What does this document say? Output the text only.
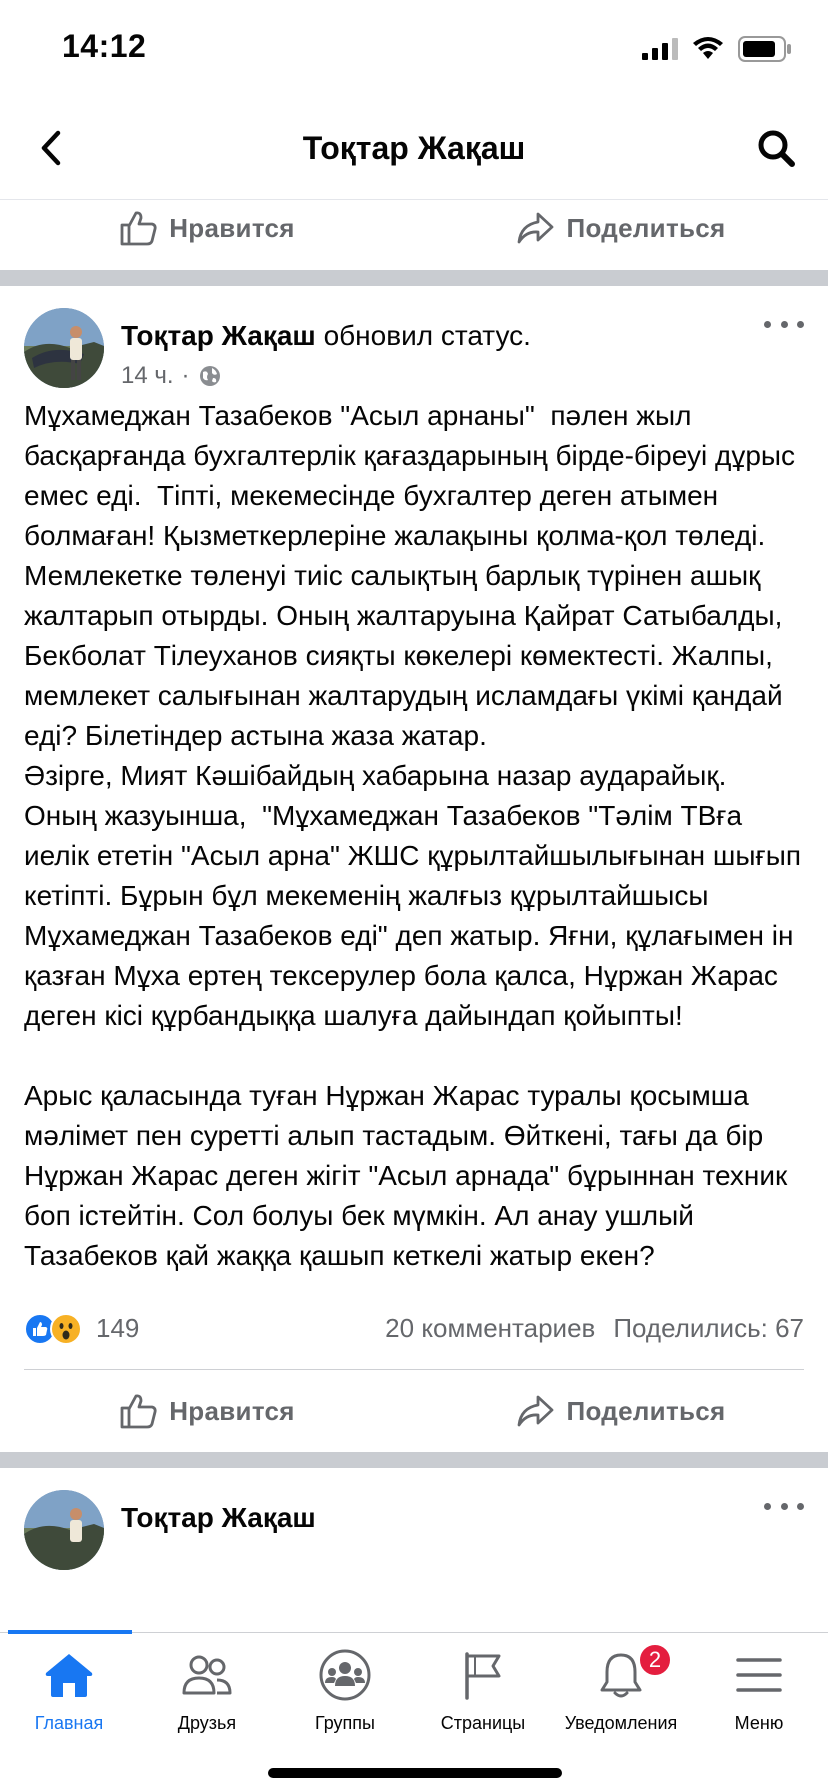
14:12
Тоқтар Жақаш
Нравится	Поделиться
Тоқтар Жақаш обновил статус.
14 ч. ·
Мұхамеджан Тазабеков "Асыл арнаны"  пәлен жыл басқарғанда бухгалтерлік қағаздарының бірде-біреуі дұрыс емес еді.  Тіпті, мекемесінде бухгалтер деген атымен болмаған! Қызметкерлеріне жалақыны қолма-қол төледі. Мемлекетке төленуі тиіс салықтың барлық түрінен ашық жалтарып отырды. Оның жалтаруына Қайрат Сатыбалды, Бекболат Тілеуханов сияқты көкелері көмектесті. Жалпы, мемлекет салығынан жалтарудың исламдағы үкімі қандай еді? Білетіндер астына жаза жатар.
Әзірге, Мият Кәшібайдың хабарына назар аударайық. Оның жазуынша,  "Мұхамеджан Тазабеков "Тәлім ТВға иелік ететін "Асыл арна" ЖШС құрылтайшылығынан шығып кетіпті. Бұрын бұл мекеменің жалғыз құрылтайшысы Мұхамеджан Тазабеков еді" деп жатыр. Яғни, құлағымен ін қазған Мұха ертең тексерулер бола қалса, Нұржан Жарас деген кісі құрбандыққа шалуға дайындап қойыпты!

Арыс қаласында туған Нұржан Жарас туралы қосымша мәлімет пен суретті алып тастадым. Өйткені, тағы да бір Нұржан Жарас деген жігіт "Асыл арнада" бұрыннан техник боп істейтін. Сол болуы бек мүмкін. Ал анау ушлый Тазабеков қай жаққа қашып кеткелі жатыр екен?
149	20 комментариев Поделились: 67
Нравится	Поделиться
Тоқтар Жақаш
Главная	Друзья	Группы	Страницы
2
Уведомления	Меню
